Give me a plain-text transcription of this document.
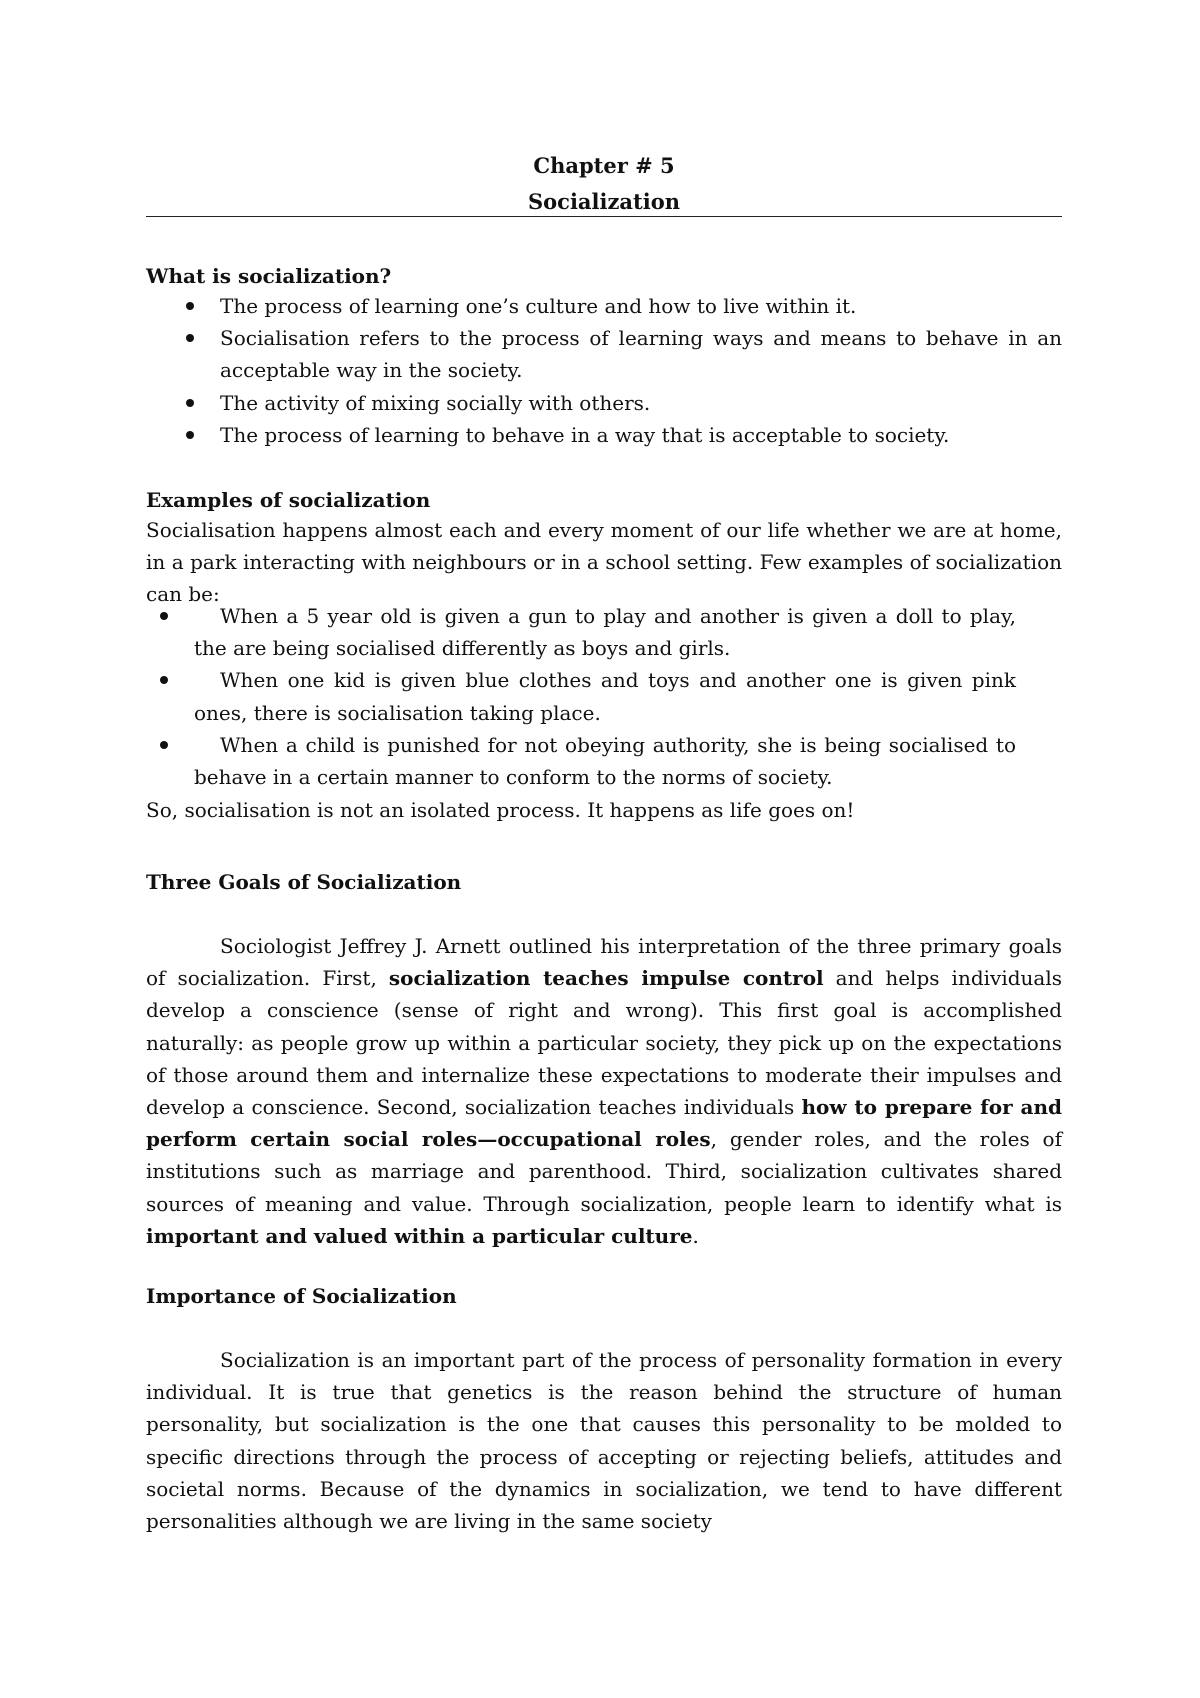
Chapter # 5
Socialization
What is socialization?
The process of learning one’s culture and how to live within it.
Socialisation refers to the process of learning ways and means to behave in an acceptable way in the society.
The activity of mixing socially with others.
The process of learning to behave in a way that is acceptable to society.
Examples of socialization
Socialisation happens almost each and every moment of our life whether we are at home, in a park interacting with neighbours or in a school setting. Few examples of socialization can be:
When a 5 year old is given a gun to play and another is given a doll to play, the are being socialised differently as boys and girls.
When one kid is given blue clothes and toys and another one is given pink ones, there is socialisation taking place.
When a child is punished for not obeying authority, she is being socialised to behave in a certain manner to conform to the norms of society.
So, socialisation is not an isolated process. It happens as life goes on!
Three Goals of Socialization
Sociologist Jeffrey J. Arnett outlined his interpretation of the three primary goals of socialization. First, socialization teaches impulse control and helps individuals develop a conscience (sense of right and wrong). This first goal is accomplished naturally: as people grow up within a particular society, they pick up on the expectations of those around them and internalize these expectations to moderate their impulses and develop a conscience. Second, socialization teaches individuals how to prepare for and perform certain social roles—occupational roles, gender roles, and the roles of institutions such as marriage and parenthood. Third, socialization cultivates shared sources of meaning and value. Through socialization, people learn to identify what is important and valued within a particular culture.
Importance of Socialization
Socialization is an important part of the process of personality formation in every individual. It is true that genetics is the reason behind the structure of human personality, but socialization is the one that causes this personality to be molded to specific directions through the process of accepting or rejecting beliefs, attitudes and societal norms. Because of the dynamics in socialization, we tend to have different personalities although we are living in the same society
